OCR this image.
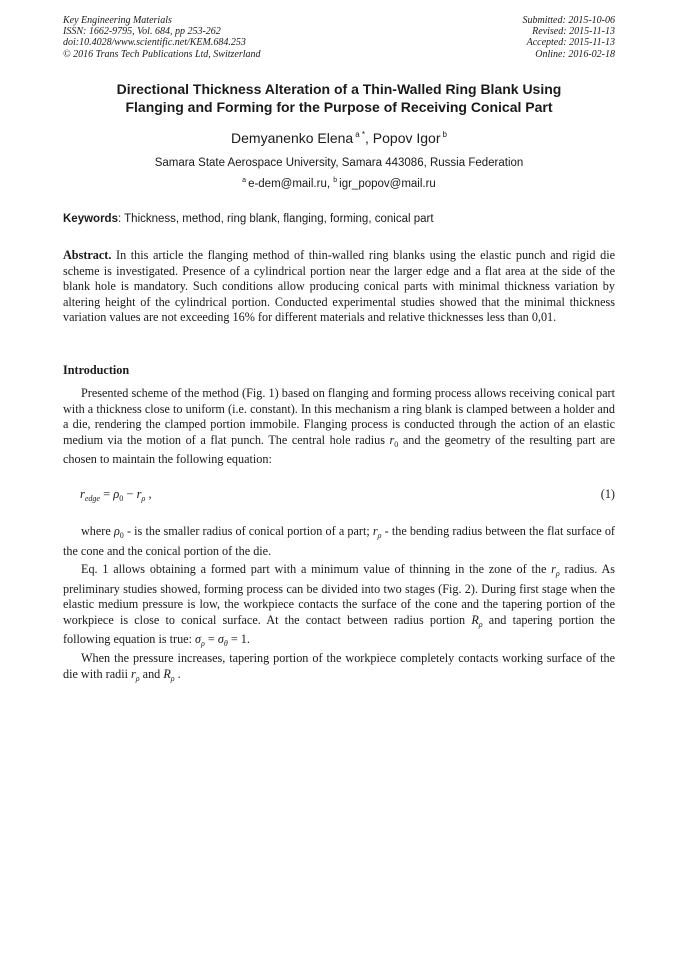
Key Engineering Materials
ISSN: 1662-9795, Vol. 684, pp 253-262
doi:10.4028/www.scientific.net/KEM.684.253
© 2016 Trans Tech Publications Ltd, Switzerland
Submitted: 2015-10-06
Revised: 2015-11-13
Accepted: 2015-11-13
Online: 2016-02-18
Directional Thickness Alteration of a Thin-Walled Ring Blank Using
Flanging and Forming for the Purpose of Receiving Conical Part
Demyanenko Elena $^{a *}$, Popov Igor $^b$
Samara State Aerospace University, Samara 443086, Russia Federation
$^a$ e-dem@mail.ru, $^b$ igr_popov@mail.ru
Keywords: Thickness, method, ring blank, flanging, forming, conical part
Abstract. In this article the flanging method of thin-walled ring blanks using the elastic punch and rigid die scheme is investigated. Presence of a cylindrical portion near the larger edge and a flat area at the side of the blank hole is mandatory. Such conditions allow producing conical parts with minimal thickness variation by altering height of the cylindrical portion. Conducted experimental studies showed that the minimal thickness variation values are not exceeding 16% for different materials and relative thicknesses less than 0,01.
Introduction
Presented scheme of the method (Fig. 1) based on flanging and forming process allows receiving conical part with a thickness close to uniform (i.e. constant). In this mechanism a ring blank is clamped between a holder and a die, rendering the clamped portion immobile. Flanging process is conducted through the action of an elastic medium via the motion of a flat punch. The central hole radius $r_0$ and the geometry of the resulting part are chosen to maintain the following equation:
$r_{edge} = \rho_0 - r_\rho$ ,	(1)
where $\rho_0$ - is the smaller radius of conical portion of a part; $r_\rho$ - the bending radius between the flat surface of the cone and the conical portion of the die.
Eq. 1 allows obtaining a formed part with a minimum value of thinning in the zone of the $r_\rho$ radius. As preliminary studies showed, forming process can be divided into two stages (Fig. 2). During first stage when the elastic medium pressure is low, the workpiece contacts the surface of the cone and the tapering portion of the workpiece is close to conical surface. At the contact between radius portion $R_\rho$ and tapering portion the following equation is true: $\sigma_\rho = \sigma_\theta = 1$.
When the pressure increases, tapering portion of the workpiece completely contacts working surface of the die with radii $r_\rho$ and $R_\rho$ .
